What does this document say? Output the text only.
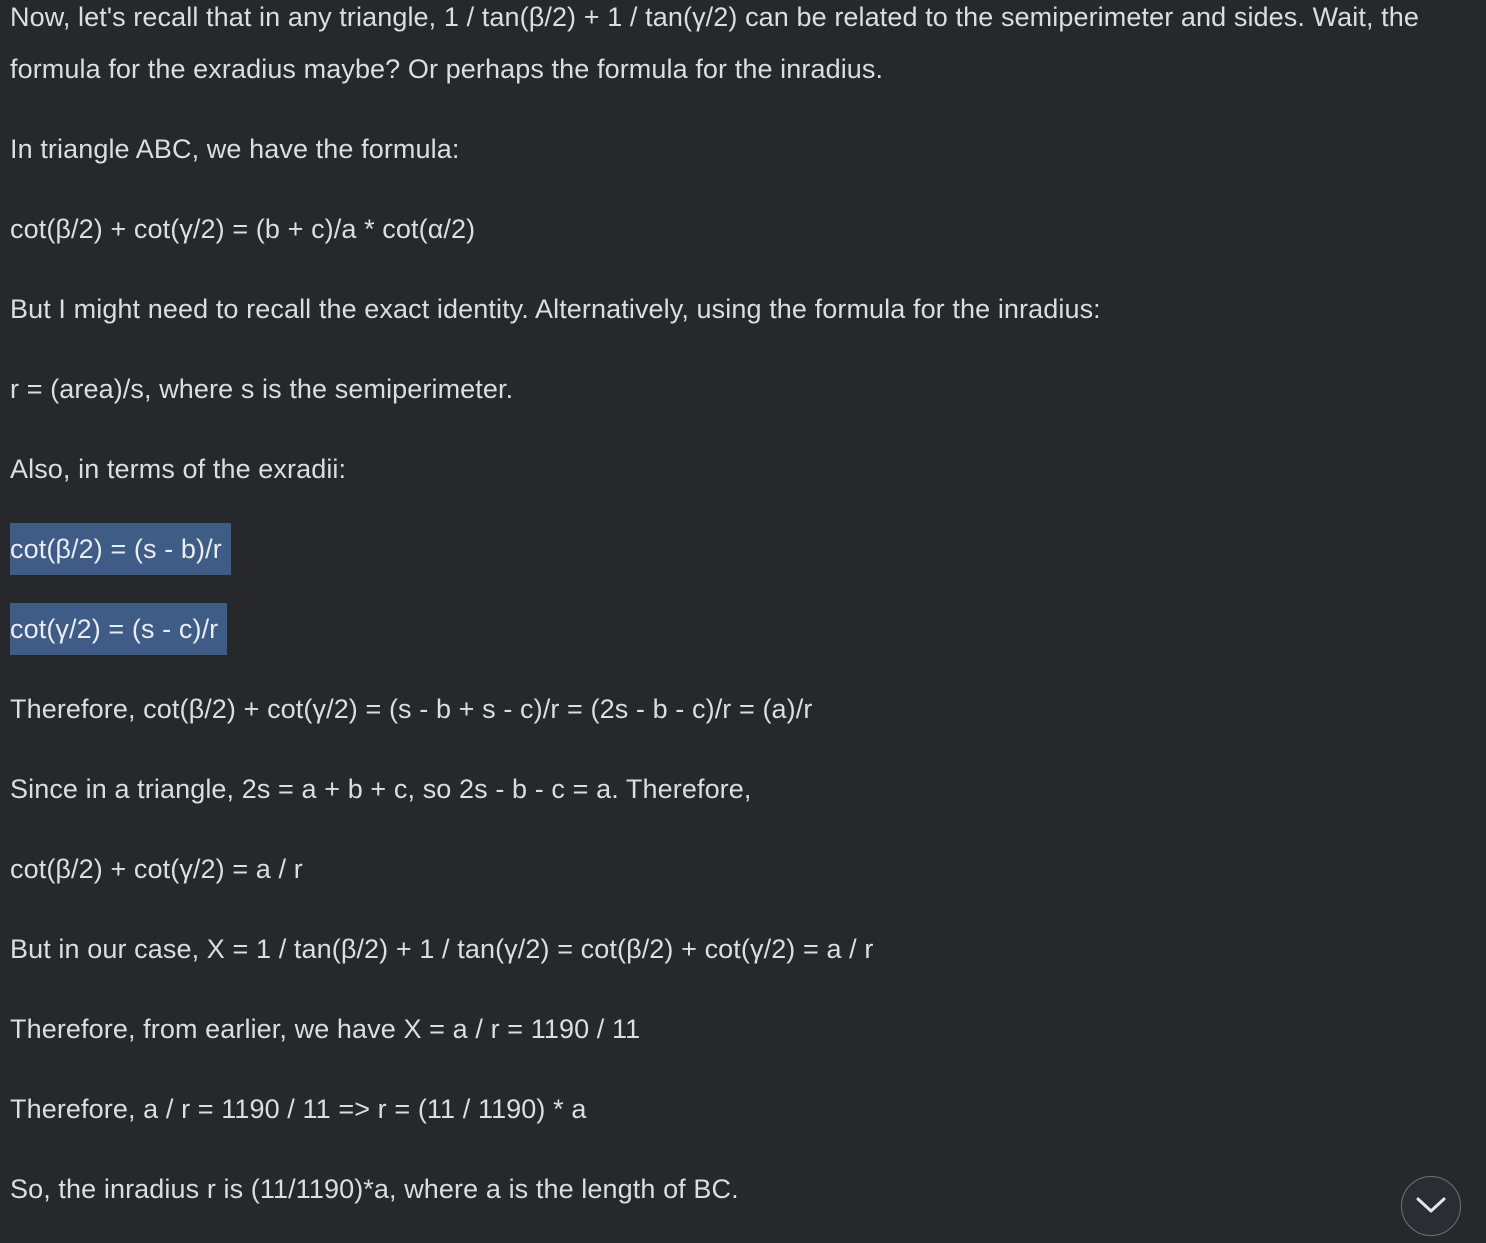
Now, let's recall that in any triangle, 1 / tan(β/2) + 1 / tan(γ/2) can be related to the semiperimeter and sides. Wait, the formula for the exradius maybe? Or perhaps the formula for the inradius.

In triangle ABC, we have the formula:

cot(β/2) + cot(γ/2) = (b + c)/a * cot(α/2)

But I might need to recall the exact identity. Alternatively, using the formula for the inradius:

r = (area)/s, where s is the semiperimeter.

Also, in terms of the exradii:

cot(β/2) = (s - b)/r

cot(γ/2) = (s - c)/r

Therefore, cot(β/2) + cot(γ/2) = (s - b + s - c)/r = (2s - b - c)/r = (a)/r

Since in a triangle, 2s = a + b + c, so 2s - b - c = a. Therefore,

cot(β/2) + cot(γ/2) = a / r

But in our case, X = 1 / tan(β/2) + 1 / tan(γ/2) = cot(β/2) + cot(γ/2) = a / r

Therefore, from earlier, we have X = a / r = 1190 / 11

Therefore, a / r = 1190 / 11 => r = (11 / 1190) * a

So, the inradius r is (11/1190)*a, where a is the length of BC.
